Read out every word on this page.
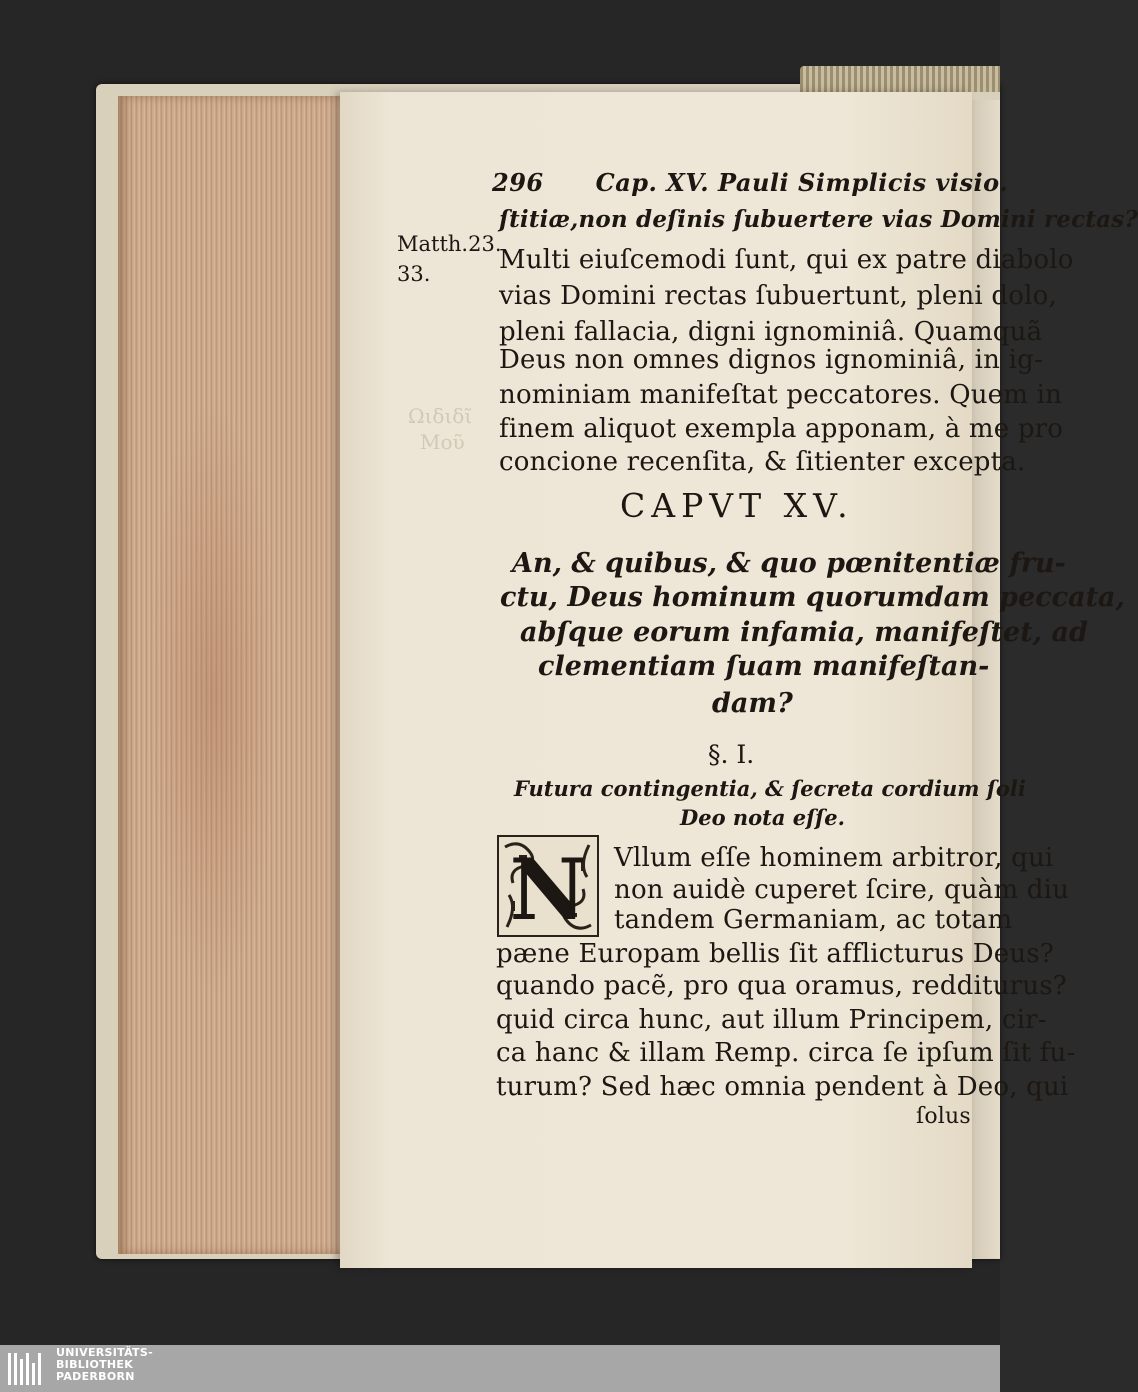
Ωιδιδῖ
Μοῦ
296 Cap. XV. Pauli Simplicis visio.
Matth.23.
33.
ſtitiæ,non deſinis ſubuertere vias Domini rectas?
Multi eiuſcemodi ſunt, qui ex patre diabolo
vias Domini rectas ſubuertunt, pleni dolo,
pleni fallacia, digni ignominiâ. Quamquã
Deus non omnes dignos ignominiâ, in ig-
nominiam manifeſtat peccatores. Quem in
finem aliquot exempla apponam, à me pro
concione recenſita, & ſitienter excepta.
CAPVT XV.
An, & quibus, & quo pœnitentiæ fru-
ctu, Deus hominum quorumdam peccata,
abſque eorum infamia, manifeſtet, ad
clementiam ſuam manifeſtan-
dam?
§. I.
Futura contingentia, & ſecreta cordium ſoli
Deo nota eſſe.
N Vllum eſſe hominem arbitror, qui
non auidè cuperet ſcire, quàm diu
tandem Germaniam, ac totam
pæne Europam bellis ſit afflicturus Deus?
quando pacẽ, pro qua oramus, redditurus?
quid circa hunc, aut illum Principem, cir-
ca hanc & illam Remp. circa ſe ipſum ſit fu-
turum? Sed hæc omnia pendent à Deo, qui
ſolus
UNIVERSITÄTS-
BIBLIOTHEK
PADERBORN
